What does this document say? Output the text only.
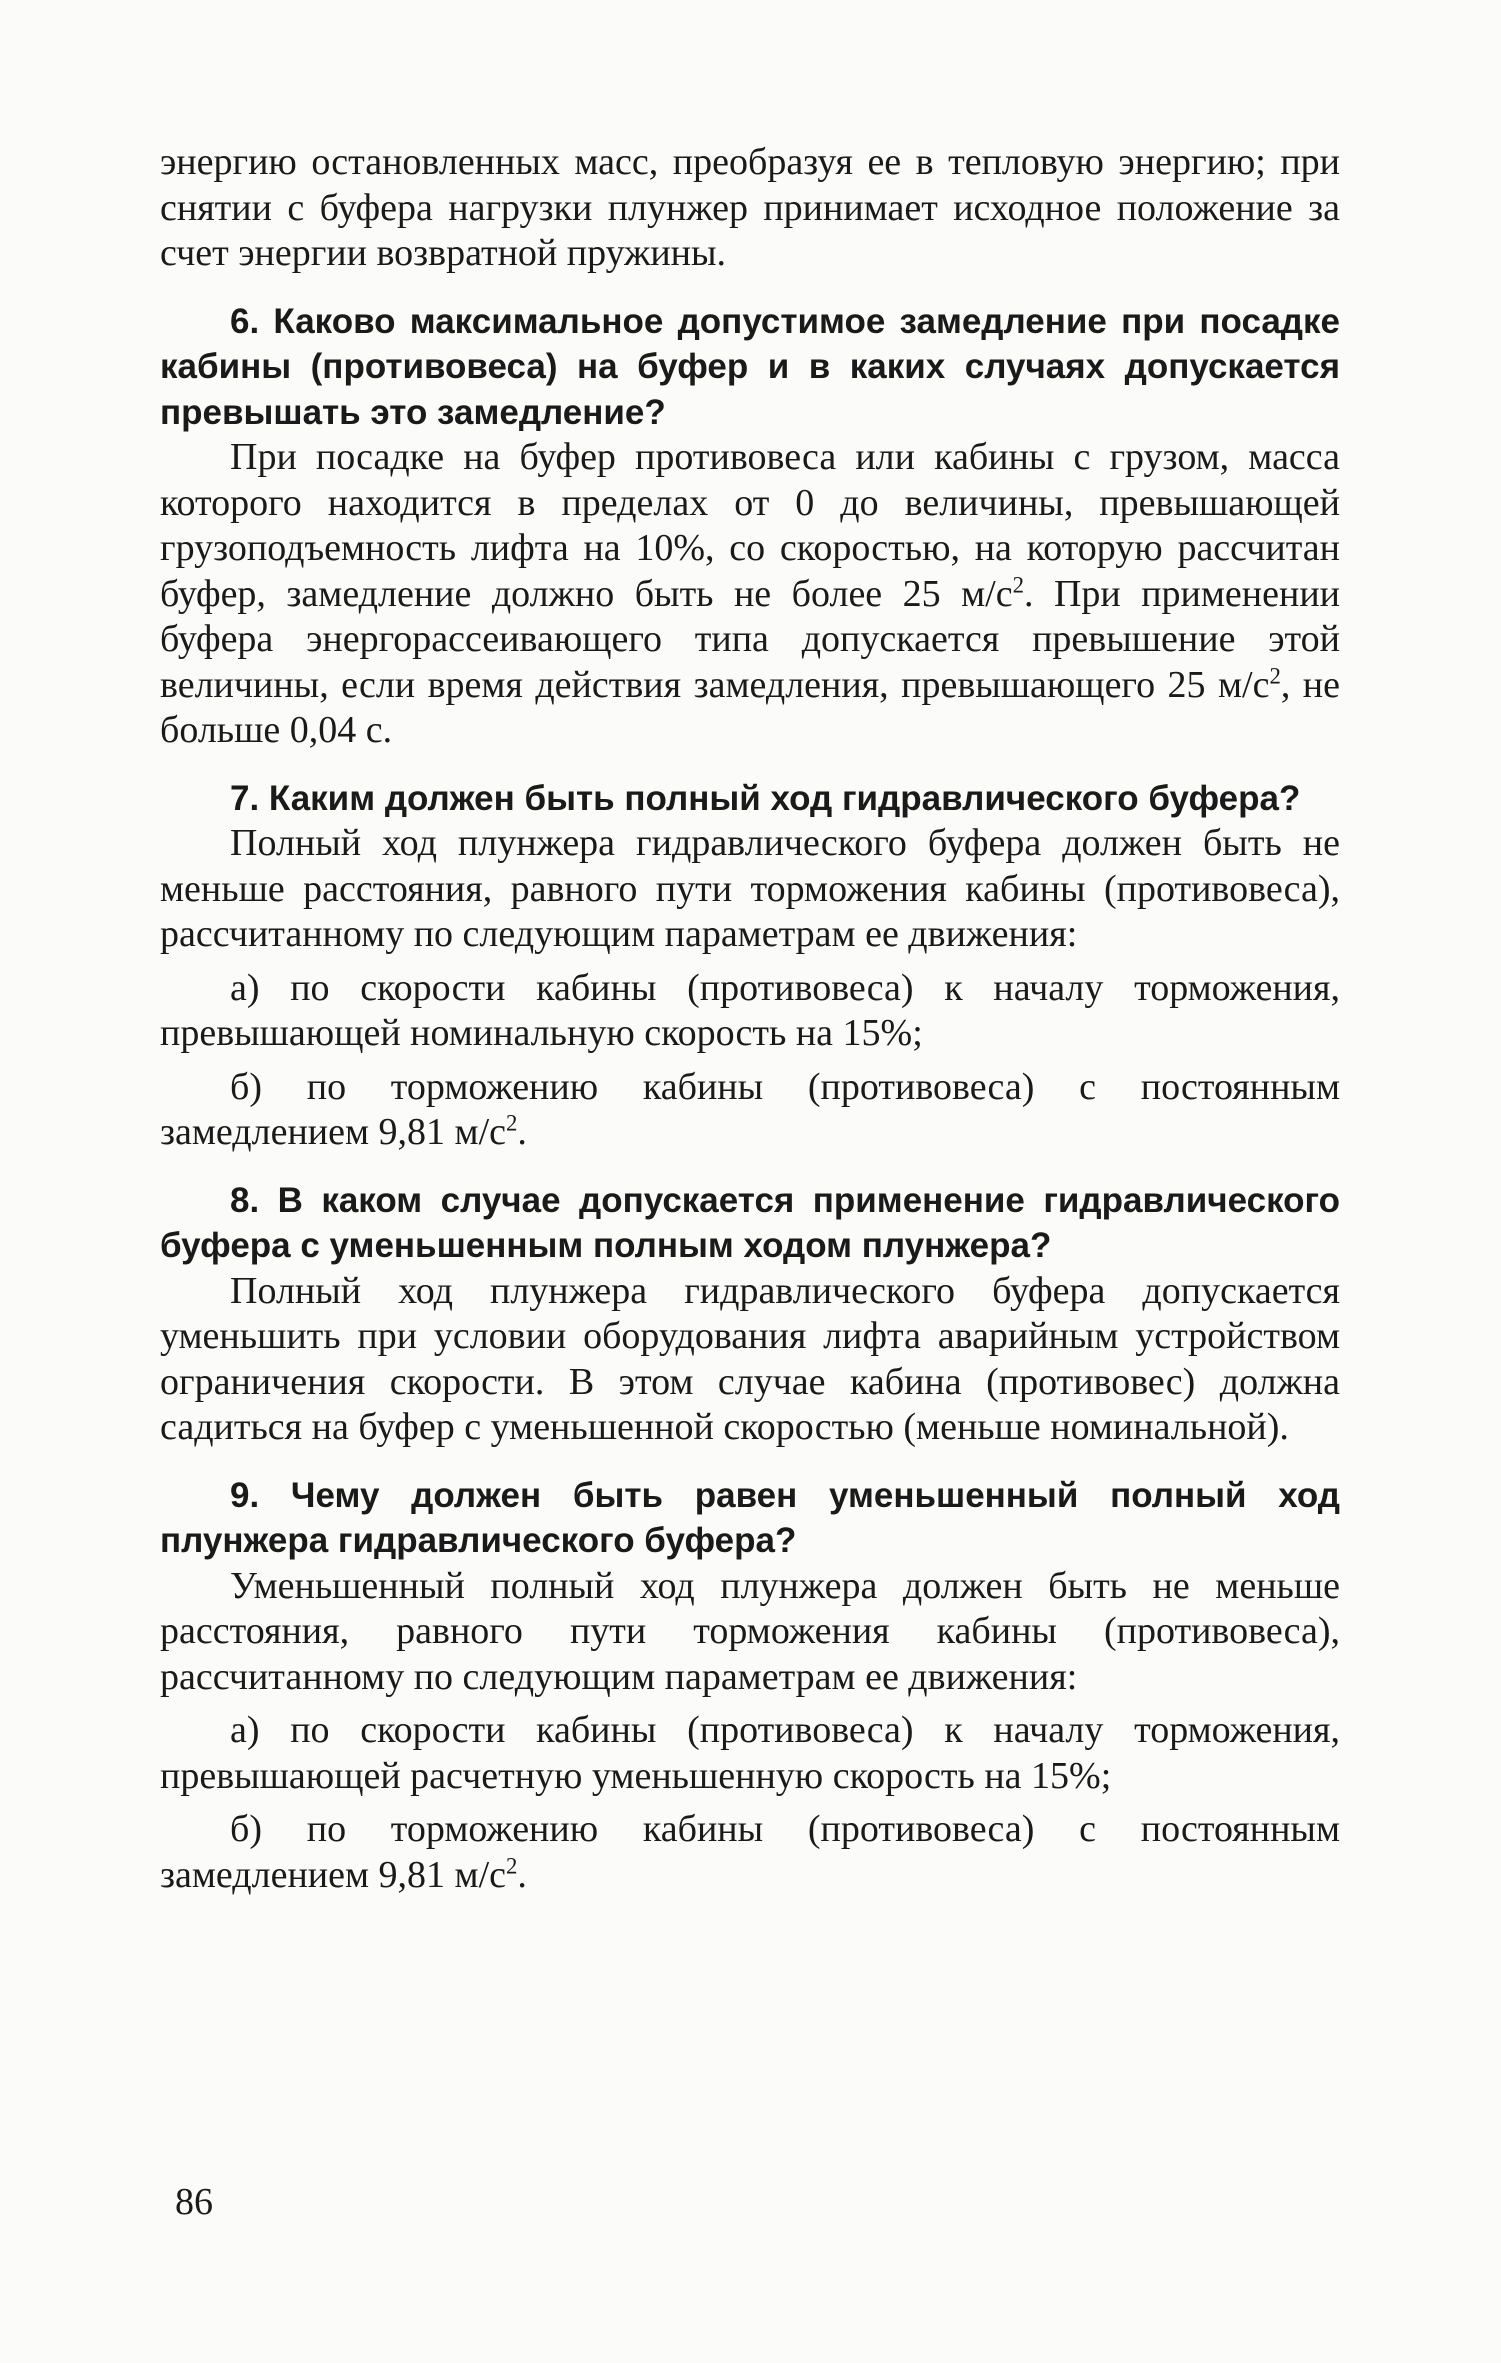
энергию остановленных масс, преобразуя ее в тепловую энергию; при снятии с буфера нагрузки плунжер принимает исходное положение за счет энергии возвратной пружины.

6. Каково максимальное допустимое замедление при посадке кабины (противовеса) на буфер и в каких случаях допускается превышать это замедление?

При посадке на буфер противовеса или кабины с грузом, масса которого находится в пределах от 0 до величины, превышающей грузоподъемность лифта на 10%, со скоростью, на которую рассчитан буфер, замедление должно быть не более 25 $м/с^2$. При применении буфера энергорассеивающего типа допускается превышение этой величины, если время действия замедления, превышающего 25 $м/с^2$, не больше 0,04 с.

7. Каким должен быть полный ход гидравлического буфера?

Полный ход плунжера гидравлического буфера должен быть не меньше расстояния, равного пути торможения кабины (противовеса), рассчитанному по следующим параметрам ее движения:

а) по скорости кабины (противовеса) к началу торможения, превышающей номинальную скорость на 15%;

б) по торможению кабины (противовеса) с постоянным замедлением 9,81 $м/с^2$.

8. В каком случае допускается применение гидравлического буфера с уменьшенным полным ходом плунжера?

Полный ход плунжера гидравлического буфера допускается уменьшить при условии оборудования лифта аварийным устройством ограничения скорости. В этом случае кабина (противовес) должна садиться на буфер с уменьшенной скоростью (меньше номинальной).

9. Чему должен быть равен уменьшенный полный ход плунжера гидравлического буфера?

Уменьшенный полный ход плунжера должен быть не меньше расстояния, равного пути торможения кабины (противовеса), рассчитанному по следующим параметрам ее движения:

а) по скорости кабины (противовеса) к началу торможения, превышающей расчетную уменьшенную скорость на 15%;

б) по торможению кабины (противовеса) с постоянным замедлением 9,81 $м/с^2$.

86
